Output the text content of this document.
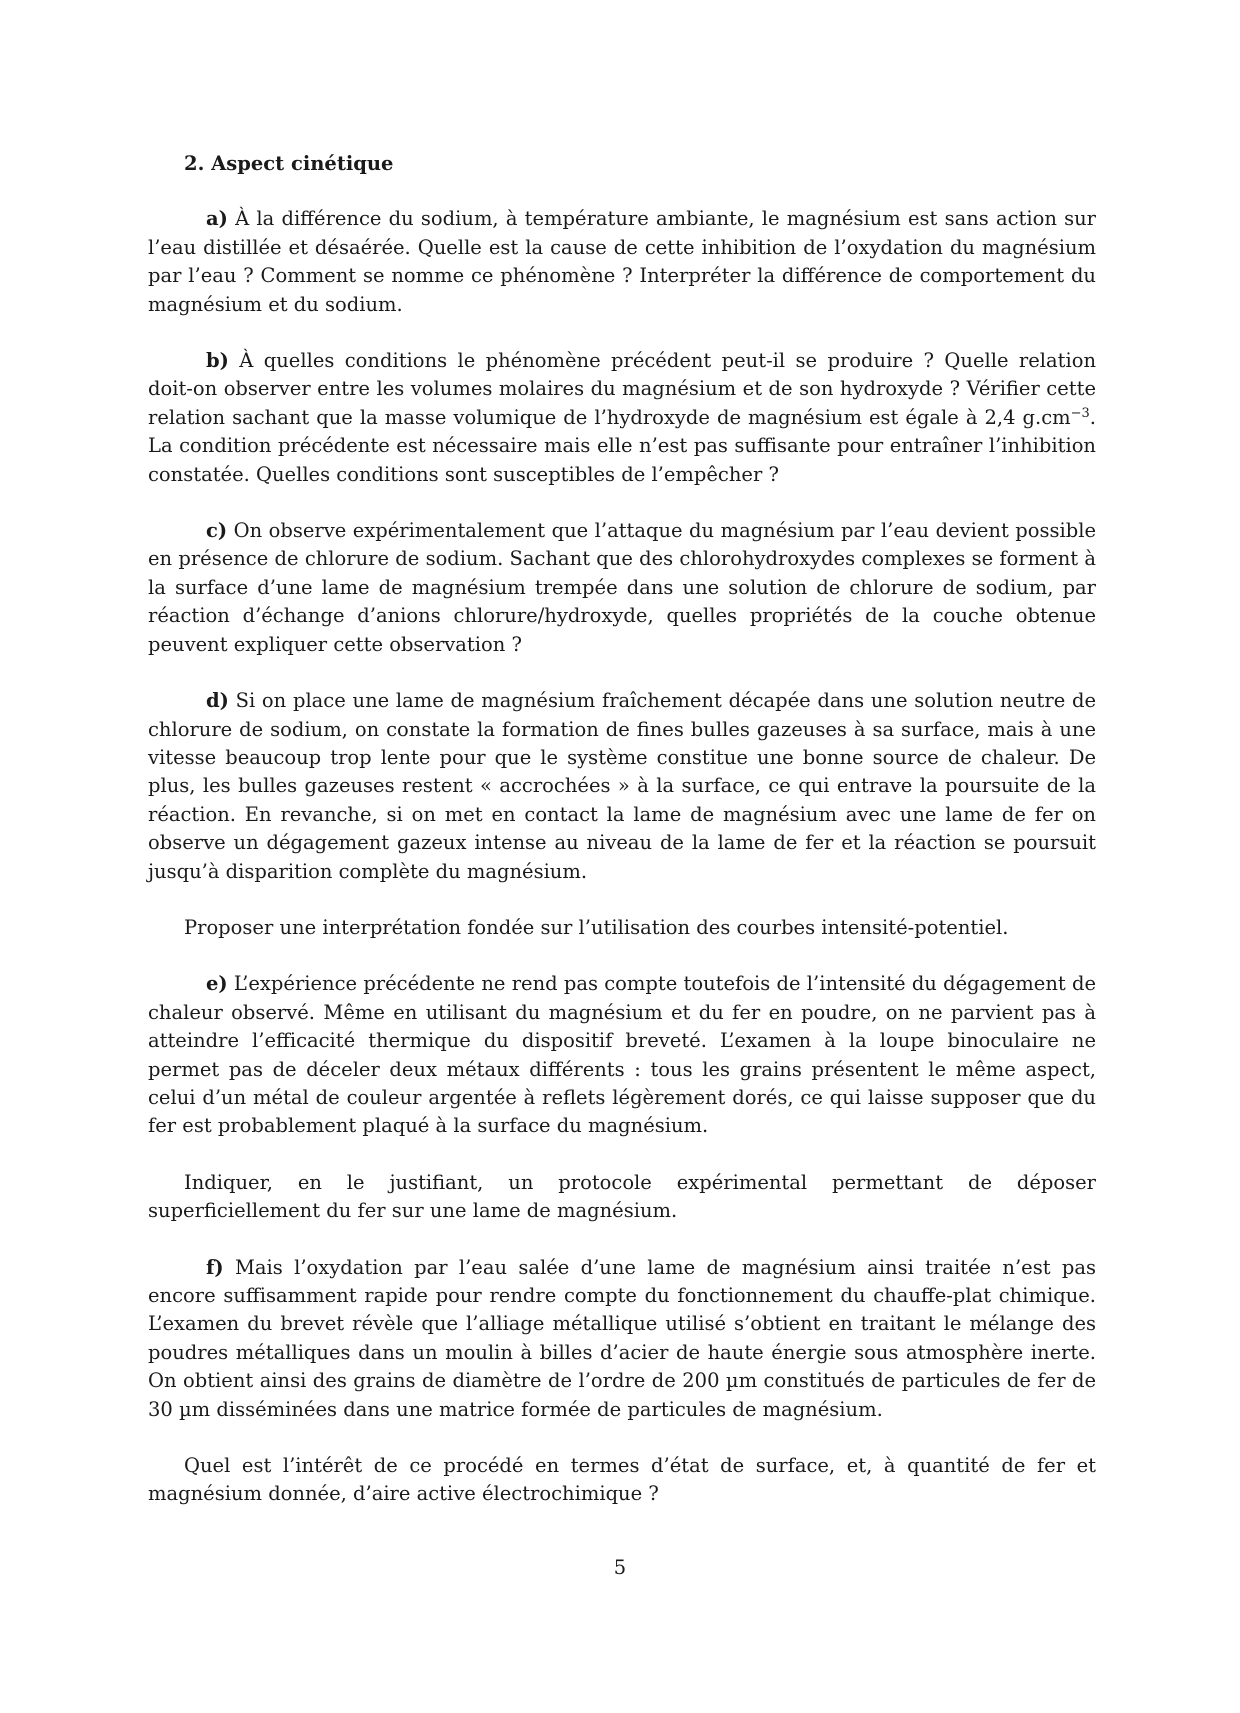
2. Aspect cinétique

a) À la différence du sodium, à température ambiante, le magnésium est sans action sur l’eau distillée et désaérée. Quelle est la cause de cette inhibition de l’oxydation du magnésium par l’eau ? Comment se nomme ce phénomène ? Interpréter la différence de comportement du magnésium et du sodium.

b) À quelles conditions le phénomène précédent peut-il se produire ? Quelle relation doit-on observer entre les volumes molaires du magnésium et de son hydroxyde ? Vérifier cette relation sachant que la masse volumique de l’hydroxyde de magnésium est égale à 2,4 $g.cm^{-3}$. La condition précédente est nécessaire mais elle n’est pas suffisante pour entraîner l’inhibition constatée. Quelles conditions sont susceptibles de l’empêcher ?

c) On observe expérimentalement que l’attaque du magnésium par l’eau devient possible en présence de chlorure de sodium. Sachant que des chlorohydroxydes complexes se forment à la surface d’une lame de magnésium trempée dans une solution de chlorure de sodium, par réaction d’échange d’anions chlorure/hydroxyde, quelles propriétés de la couche obtenue peuvent expliquer cette observation ?

d) Si on place une lame de magnésium fraîchement décapée dans une solution neutre de chlorure de sodium, on constate la formation de fines bulles gazeuses à sa surface, mais à une vitesse beaucoup trop lente pour que le système constitue une bonne source de chaleur. De plus, les bulles gazeuses restent « accrochées » à la surface, ce qui entrave la poursuite de la réaction. En revanche, si on met en contact la lame de magnésium avec une lame de fer on observe un dégagement gazeux intense au niveau de la lame de fer et la réaction se poursuit jusqu’à disparition complète du magnésium.

Proposer une interprétation fondée sur l’utilisation des courbes intensité-potentiel.

e) L’expérience précédente ne rend pas compte toutefois de l’intensité du dégagement de chaleur observé. Même en utilisant du magnésium et du fer en poudre, on ne parvient pas à atteindre l’efficacité thermique du dispositif breveté. L’examen à la loupe binoculaire ne permet pas de déceler deux métaux différents : tous les grains présentent le même aspect, celui d’un métal de couleur argentée à reflets légèrement dorés, ce qui laisse supposer que du fer est probablement plaqué à la surface du magnésium.

Indiquer, en le justifiant, un protocole expérimental permettant de déposer superficiellement du fer sur une lame de magnésium.

f) Mais l’oxydation par l’eau salée d’une lame de magnésium ainsi traitée n’est pas encore suffisamment rapide pour rendre compte du fonctionnement du chauffe-plat chimique. L’examen du brevet révèle que l’alliage métallique utilisé s’obtient en traitant le mélange des poudres métalliques dans un moulin à billes d’acier de haute énergie sous atmosphère inerte. On obtient ainsi des grains de diamètre de l’ordre de 200 µm constitués de particules de fer de 30 µm disséminées dans une matrice formée de particules de magnésium.

Quel est l’intérêt de ce procédé en termes d’état de surface, et, à quantité de fer et magnésium donnée, d’aire active électrochimique ?

5
